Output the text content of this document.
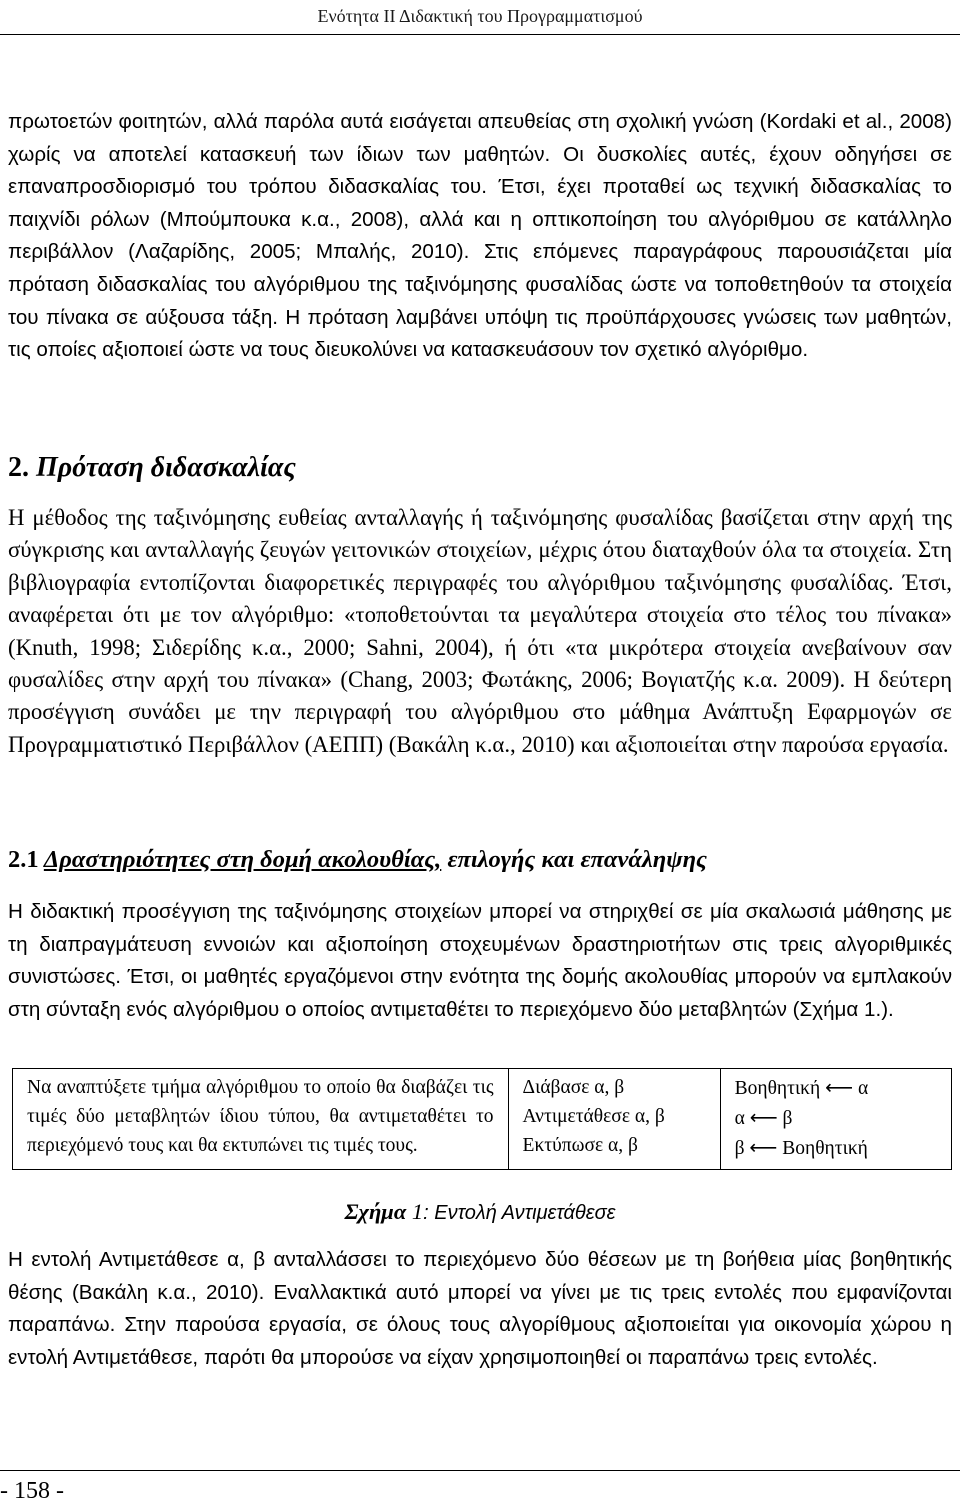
Ενότητα ΙΙ Διδακτική του Προγραμματισμού

πρωτοετών φοιτητών, αλλά παρόλα αυτά εισάγεται απευθείας στη σχολική γνώση (Kordaki et al., 2008) χωρίς να αποτελεί κατασκευή των ίδιων των μαθητών. Οι δυσκολίες αυτές, έχουν οδηγήσει σε επαναπροσδιορισμό του τρόπου διδασκαλίας του. Έτσι, έχει προταθεί ως τεχνική διδασκαλίας το παιχνίδι ρόλων (Μπούμπουκα κ.α., 2008), αλλά και η οπτικοποίηση του αλγόριθμου σε κατάλληλο περιβάλλον (Λαζαρίδης, 2005; Μπαλής, 2010). Στις επόμενες παραγράφους παρουσιάζεται μία πρόταση διδασκαλίας του αλγόριθμου της ταξινόμησης φυσαλίδας ώστε να τοποθετηθούν τα στοιχεία του πίνακα σε αύξουσα τάξη. Η πρόταση λαμβάνει υπόψη τις προϋπάρχουσες γνώσεις των μαθητών, τις οποίες αξιοποιεί ώστε να τους διευκολύνει να κατασκευάσουν τον σχετικό αλγόριθμο.

2. Πρόταση διδασκαλίας

Η μέθοδος της ταξινόμησης ευθείας ανταλλαγής ή ταξινόμησης φυσαλίδας βασίζεται στην αρχή της σύγκρισης και ανταλλαγής ζευγών γειτονικών στοιχείων, μέχρις ότου διαταχθούν όλα τα στοιχεία. Στη βιβλιογραφία εντοπίζονται διαφορετικές περιγραφές του αλγόριθμου ταξινόμησης φυσαλίδας. Έτσι, αναφέρεται ότι με τον αλγόριθμο: «τοποθετούνται τα μεγαλύτερα στοιχεία στο τέλος του πίνακα» (Knuth, 1998; Σιδερίδης κ.α., 2000; Sahni, 2004), ή ότι «τα μικρότερα στοιχεία ανεβαίνουν σαν φυσαλίδες στην αρχή του πίνακα» (Chang, 2003; Φωτάκης, 2006; Βογιατζής κ.α. 2009). Η δεύτερη προσέγγιση συνάδει με την περιγραφή του αλγόριθμου στο μάθημα Ανάπτυξη Εφαρμογών σε Προγραμματιστικό Περιβάλλον (ΑΕΠΠ) (Βακάλη κ.α., 2010) και αξιοποιείται στην παρούσα εργασία.

2.1 Δραστηριότητες στη δομή ακολουθίας, επιλογής και επανάληψης

Η διδακτική προσέγγιση της ταξινόμησης στοιχείων μπορεί να στηριχθεί σε μία σκαλωσιά μάθησης με τη διαπραγμάτευση εννοιών και αξιοποίηση στοχευμένων δραστηριοτήτων στις τρεις αλγοριθμικές συνιστώσες. Έτσι, οι μαθητές εργαζόμενοι στην ενότητα της δομής ακολουθίας μπορούν να εμπλακούν στη σύνταξη ενός αλγόριθμου ο οποίος αντιμεταθέτει το περιεχόμενο δύο μεταβλητών (Σχήμα 1.).

Να αναπτύξετε τμήμα αλγόριθμου το οποίο θα διαβάζει τις τιμές δύο μεταβλητών ίδιου τύπου, θα αντιμεταθέτει το περιεχόμενό τους και θα εκτυπώνει τις τιμές τους.	
Διάβασε α, β
Αντιμετάθεσε α, β
Εκτύπωσε α, β

Βοηθητική ⟵ α
α ⟵ β
β ⟵ Βοηθητική
Σχήμα 1: Εντολή Αντιμετάθεσε

Η εντολή Αντιμετάθεσε α, β ανταλλάσσει το περιεχόμενο δύο θέσεων με τη βοήθεια μίας βοηθητικής θέσης (Βακάλη κ.α., 2010). Εναλλακτικά αυτό μπορεί να γίνει με τις τρεις εντολές που εμφανίζονται παραπάνω. Στην παρούσα εργασία, σε όλους τους αλγορίθμους αξιοποιείται για οικονομία χώρου η εντολή Αντιμετάθεσε, παρότι θα μπορούσε να είχαν χρησιμοποιηθεί οι παραπάνω τρεις εντολές.

- 158 -
